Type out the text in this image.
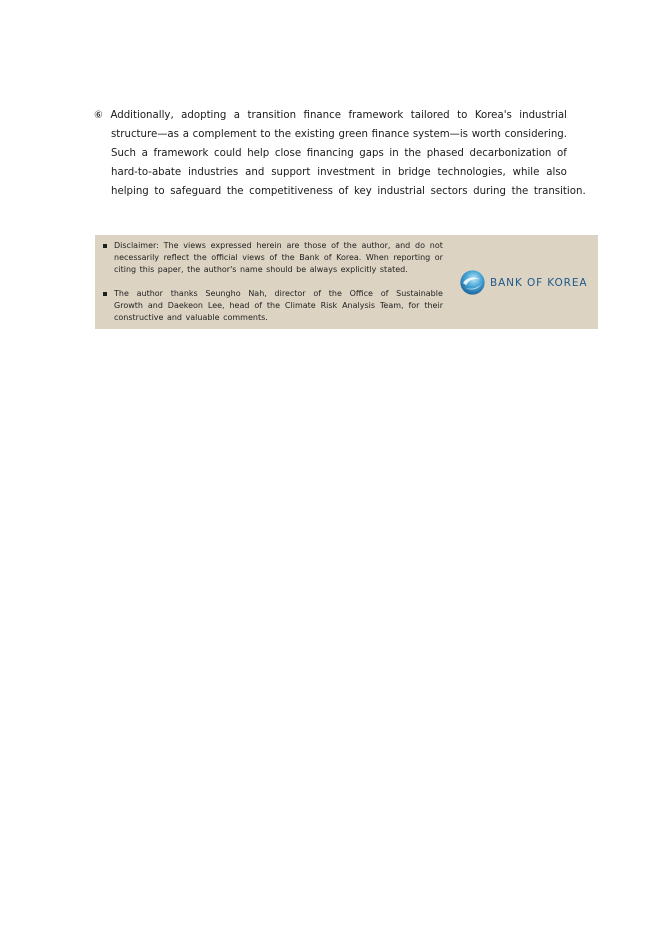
⑥ Additionally, adopting a transition finance framework tailored to Korea's industrial
structure—as a complement to the existing green finance system—is worth considering.
Such a framework could help close financing gaps in the phased decarbonization of
hard-to-abate industries and support investment in bridge technologies, while also
helping to safeguard the competitiveness of key industrial sectors during the transition.
Disclaimer: The views expressed herein are those of the author, and do not
necessarily reflect the official views of the Bank of Korea. When reporting or
citing this paper, the author's name should be always explicitly stated.
The author thanks Seungho Nah, director of the Office of Sustainable
Growth and Daekeon Lee, head of the Climate Risk Analysis Team, for their
constructive and valuable comments.
BANK OF KOREA
